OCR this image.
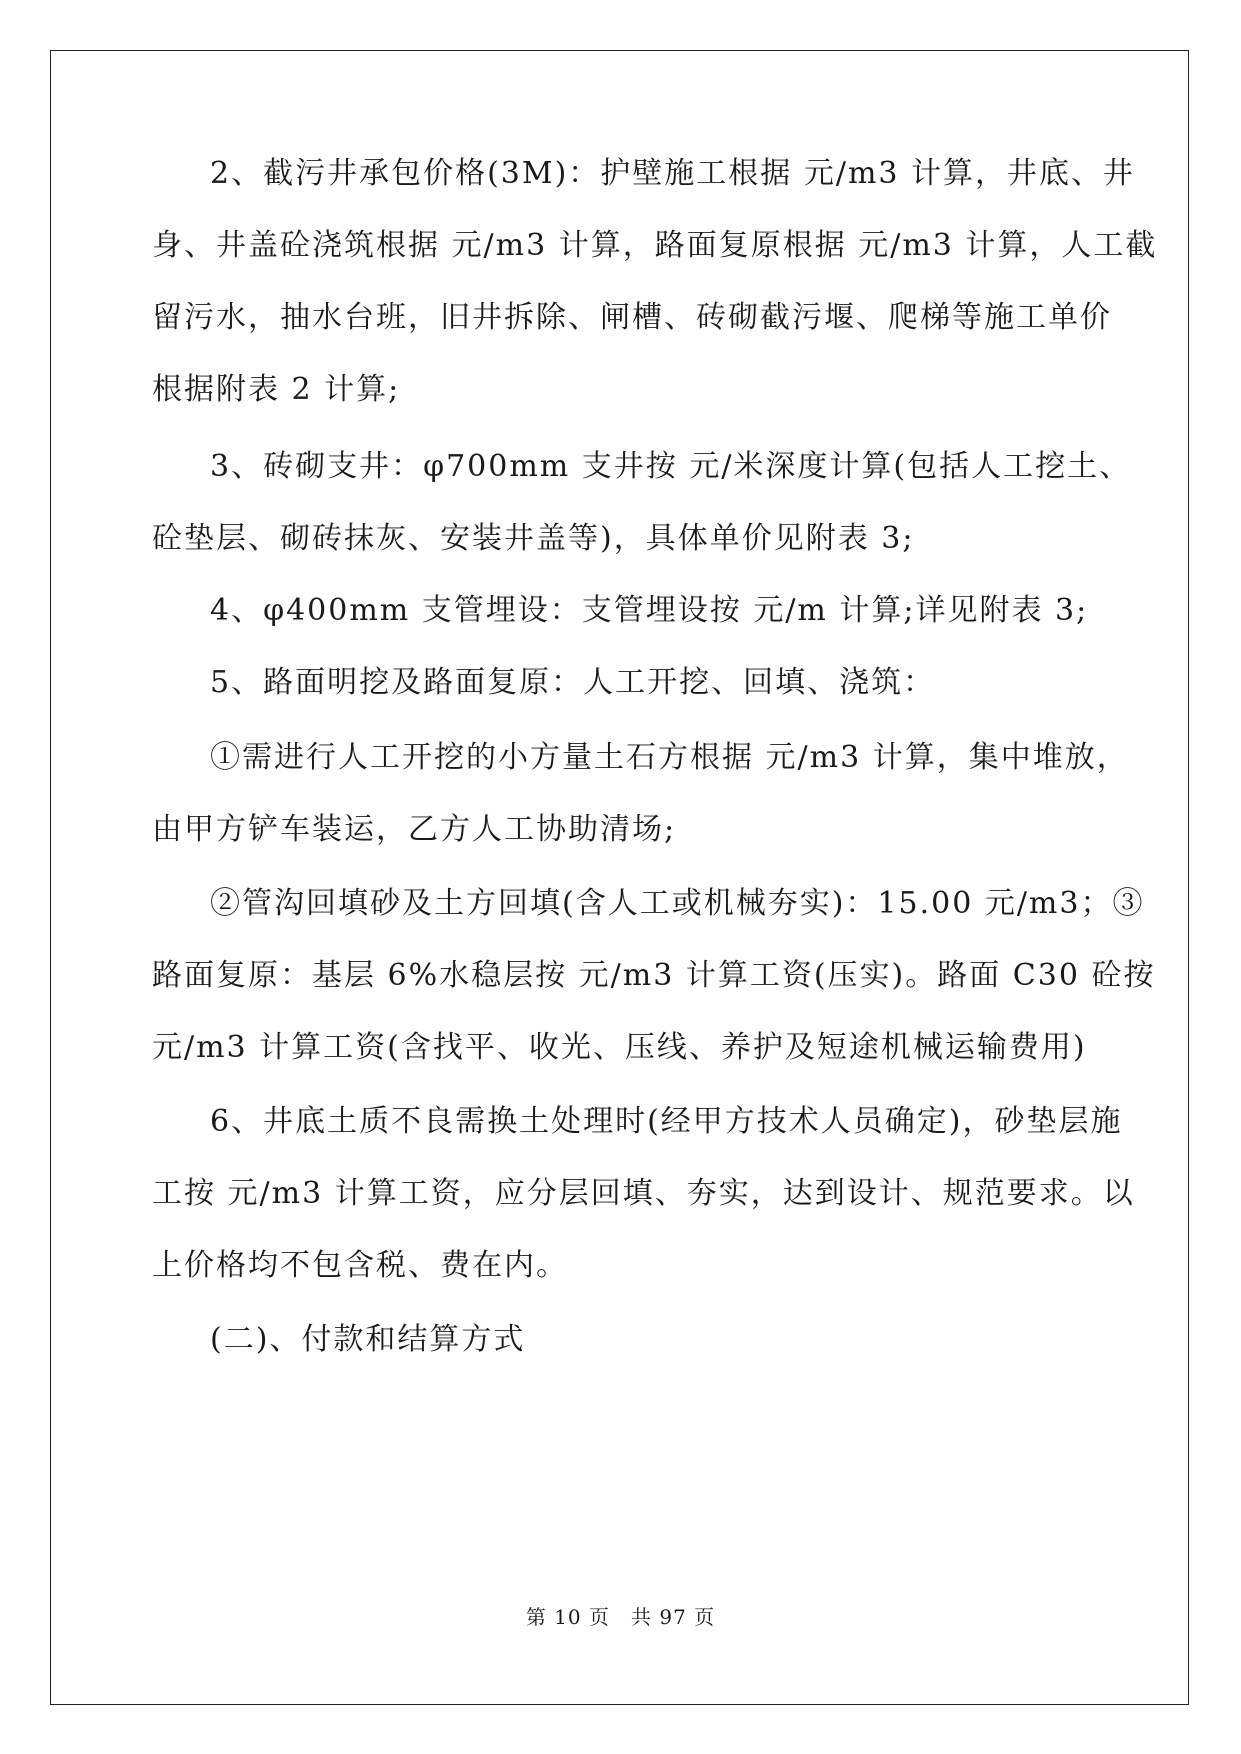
2、截污井承包价格(3M)：护壁施工根据 元/m3 计算，井底、井
身、井盖砼浇筑根据 元/m3 计算，路面复原根据 元/m3 计算，人工截
留污水，抽水台班，旧井拆除、闸槽、砖砌截污堰、爬梯等施工单价
根据附表 2 计算;
3、砖砌支井：φ700mm 支井按 元/米深度计算(包括人工挖土、
砼垫层、砌砖抹灰、安装井盖等)，具体单价见附表 3;
4、φ400mm 支管埋设：支管埋设按 元/m 计算;详见附表 3;
5、路面明挖及路面复原：人工开挖、回填、浇筑：
①需进行人工开挖的小方量土石方根据 元/m3 计算，集中堆放，
由甲方铲车装运，乙方人工协助清场;
②管沟回填砂及土方回填(含人工或机械夯实)：15.00 元/m3；③
路面复原：基层 6%水稳层按 元/m3 计算工资(压实)。路面 C30 砼按
元/m3 计算工资(含找平、收光、压线、养护及短途机械运输费用)
6、井底土质不良需换土处理时(经甲方技术人员确定)，砂垫层施
工按 元/m3 计算工资，应分层回填、夯实，达到设计、规范要求。以
上价格均不包含税、费在内。
(二)、付款和结算方式
第 10 页　共 97 页
